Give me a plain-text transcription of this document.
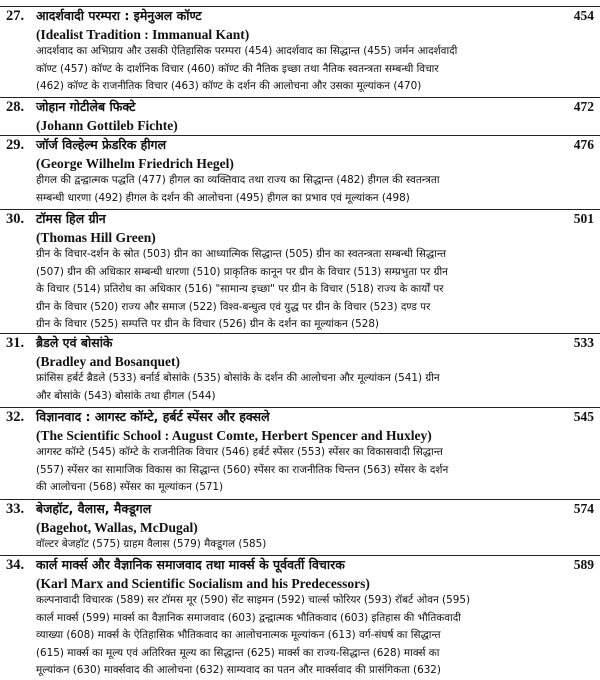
27. आदर्शवादी परम्परा : इमेनुअल कॉण्ट	454
(Idealist Tradition : Immanual Kant)
आदर्शवाद का अभिप्राय और उसकी ऐतिहासिक परम्परा (454) आदर्शवाद का सिद्धान्त (455) जर्मन आदर्शवादी
कॉण्ट (457) कॉण्ट के दार्शनिक विचार (460) कॉण्ट की नैतिक इच्छा तथा नैतिक स्वतन्त्रता सम्बन्धी विचार
(462) कॉण्ट के राजनीतिक विचार (463) कॉण्ट के दर्शन की आलोचना और उसका मूल्यांकन (470)
28. जोहान गोटीलेब फिक्टे	472
(Johann Gottileb Fichte)
29. जॉर्ज विल्हेल्म फ्रेडरिक हीगल	476
(George Wilhelm Friedrich Hegel)
हीगल की द्वन्द्वात्मक पद्धति (477) हीगल का व्यक्तिवाद तथा राज्य का सिद्धान्त (482) हीगल की स्वतन्त्रता
सम्बन्धी धारणा (492) हीगल के दर्शन की आलोचना (495) हीगल का प्रभाव एवं मूल्यांकन (498)
30. टॉमस हिल ग्रीन	501
(Thomas Hill Green)
ग्रीन के विचार-दर्शन के स्रोत (503) ग्रीन का आध्यात्मिक सिद्धान्त (505) ग्रीन का स्वतन्त्रता सम्बन्धी सिद्धान्त
(507) ग्रीन की अधिकार सम्बन्धी धारणा (510) प्राकृतिक कानून पर ग्रीन के विचार (513) सम्प्रभुता पर ग्रीन
के विचार (514) प्रतिरोध का अधिकार (516) "सामान्य इच्छा" पर ग्रीन के विचार (518) राज्य के कार्यों पर
ग्रीन के विचार (520) राज्य और समाज (522) विश्व-बन्धुत्व एवं युद्ध पर ग्रीन के विचार (523) दण्ड पर
ग्रीन के विचार (525) सम्पत्ति पर ग्रीन के विचार (526) ग्रीन के दर्शन का मूल्यांकन (528)
31. ब्रैडले एवं बोसांके	533
(Bradley and Bosanquet)
फ्रांसिस हर्बर्ट ब्रैडले (533) बर्नार्ड बोसांके (535) बोसांके के दर्शन की आलोचना और मूल्यांकन (541) ग्रीन
और बोसांके (543) बोसांके तथा हीगल (544)
32. विज्ञानवाद : आगस्ट कॉम्टे, हर्बर्ट स्पेंसर और हक्सले	545
(The Scientific School : August Comte, Herbert Spencer and Huxley)
आगस्ट कॉम्टे (545) कॉम्टे के राजनीतिक विचार (546) हर्बर्ट स्पेंसर (553) स्पेंसर का विकासवादी सिद्धान्त
(557) स्पेंसर का सामाजिक विकास का सिद्धान्त (560) स्पेंसर का राजनीतिक चिन्तन (563) स्पेंसर के दर्शन
की आलोचना (568) स्पेंसर का मूल्यांकन (571)
33. बेजहॉट, वैलास, मैक्डूगल	574
(Bagehot, Wallas, McDugal)
वॉल्टर बेजहॉट (575) ग्राहम वैलास (579) मैक्डूगल (585)
34. कार्ल मार्क्स और वैज्ञानिक समाजवाद तथा मार्क्स के पूर्ववर्ती विचारक	589
(Karl Marx and Scientific Socialism and his Predecessors)
कल्पनावादी विचारक (589) सर टॉमस मूर (590) सेंट साइमन (592) चार्ल्स फोरियर (593) रॉबर्ट ओवन (595)
कार्ल मार्क्स (599) मार्क्स का वैज्ञानिक समाजवाद (603) द्वन्द्वात्मक भौतिकवाद (603) इतिहास की भौतिकवादी
व्याख्या (608) मार्क्स के ऐतिहासिक भौतिकवाद का आलोचनात्मक मूल्यांकन (613) वर्ग-संघर्ष का सिद्धान्त
(615) मार्क्स का मूल्य एवं अतिरिक्त मूल्य का सिद्धान्त (625) मार्क्स का राज्य-सिद्धान्त (628) मार्क्स का
मूल्यांकन (630) मार्क्सवाद की आलोचना (632) साम्यवाद का पतन और मार्क्सवाद की प्रासंगिकता (632)
